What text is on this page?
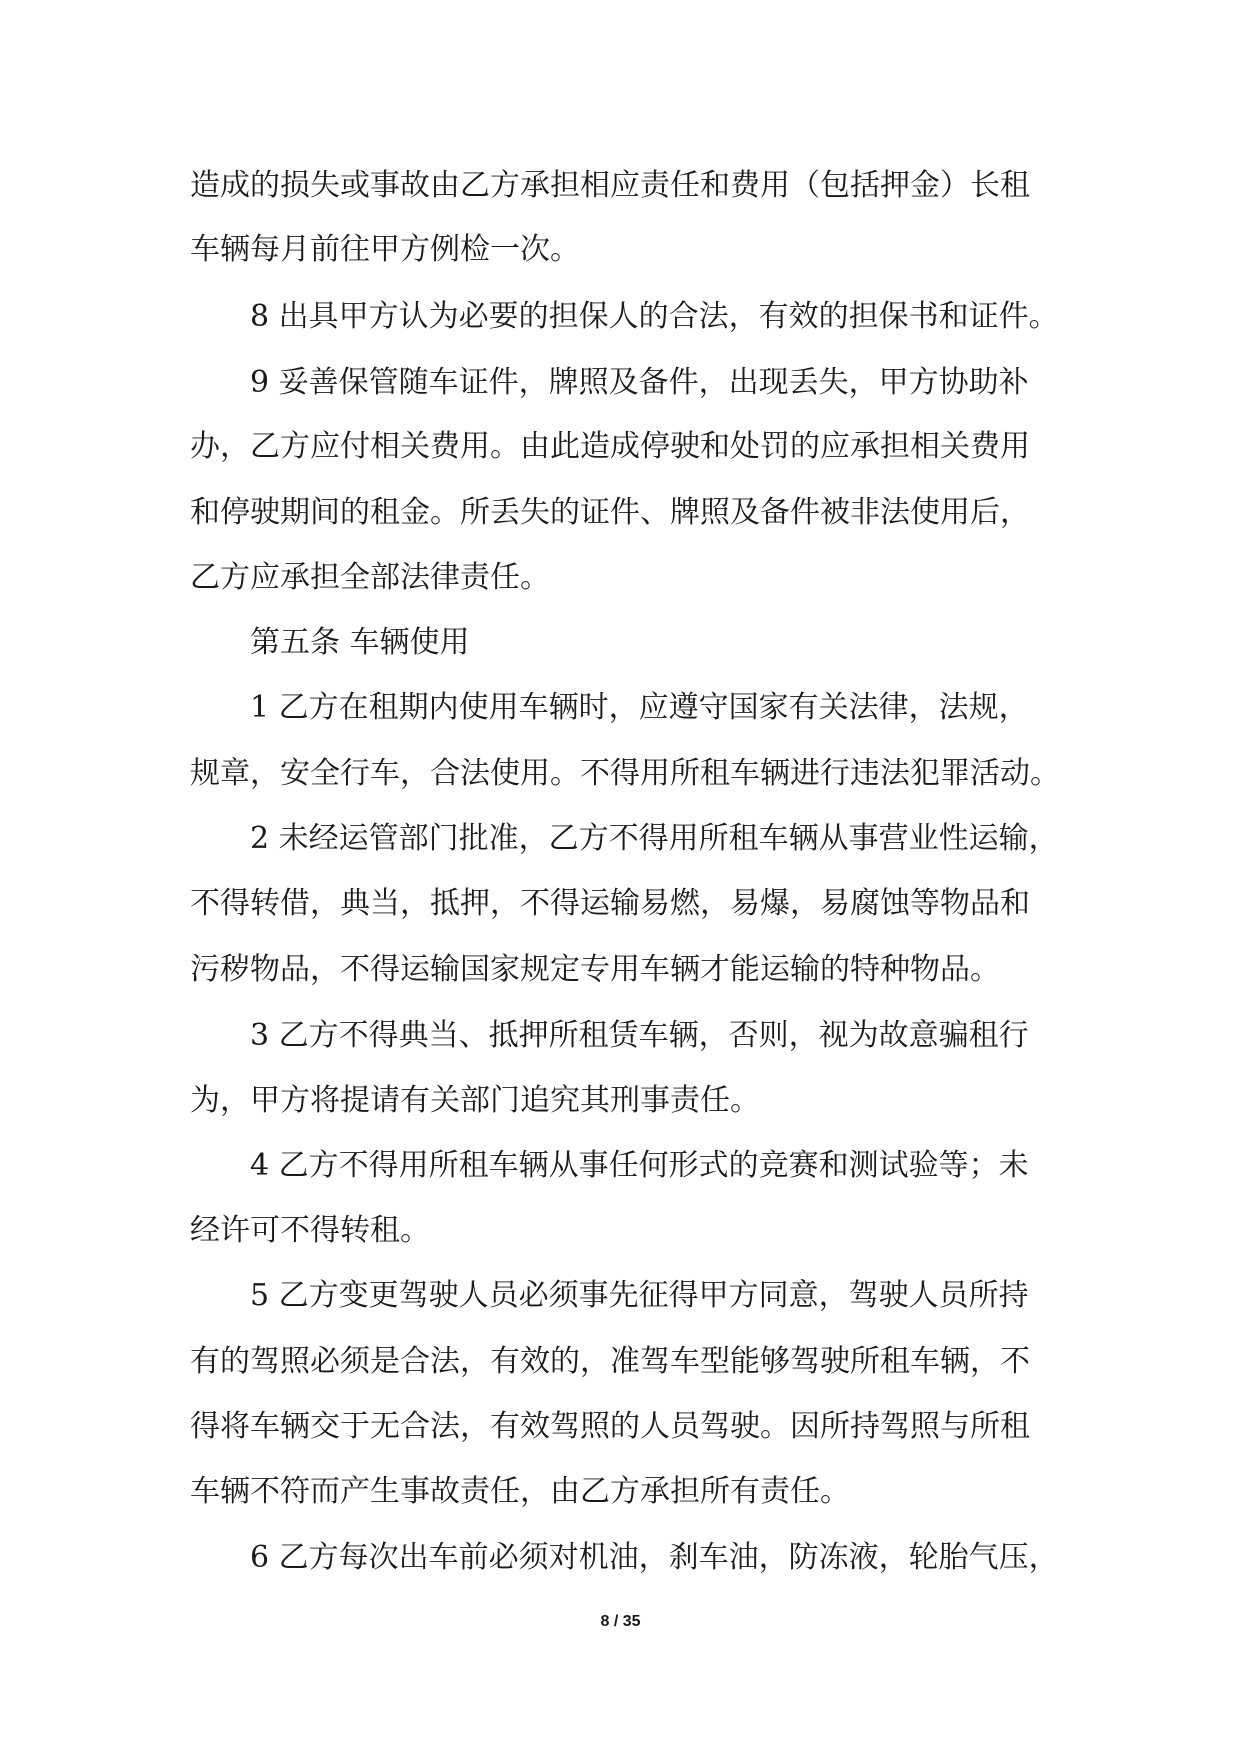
造成的损失或事故由乙方承担相应责任和费用（包括押金）长租

车辆每月前往甲方例检一次。

8 出具甲方认为必要的担保人的合法，有效的担保书和证件。

9 妥善保管随车证件，牌照及备件，出现丢失，甲方协助补

办，乙方应付相关费用。由此造成停驶和处罚的应承担相关费用

和停驶期间的租金。所丢失的证件、牌照及备件被非法使用后，

乙方应承担全部法律责任。

第五条 车辆使用

1 乙方在租期内使用车辆时，应遵守国家有关法律，法规，

规章，安全行车，合法使用。不得用所租车辆进行违法犯罪活动。

2 未经运管部门批准，乙方不得用所租车辆从事营业性运输，

不得转借，典当，抵押，不得运输易燃，易爆，易腐蚀等物品和

污秽物品，不得运输国家规定专用车辆才能运输的特种物品。

3 乙方不得典当、抵押所租赁车辆，否则，视为故意骗租行

为，甲方将提请有关部门追究其刑事责任。

4 乙方不得用所租车辆从事任何形式的竞赛和测试验等；未

经许可不得转租。

5 乙方变更驾驶人员必须事先征得甲方同意，驾驶人员所持

有的驾照必须是合法，有效的，准驾车型能够驾驶所租车辆，不

得将车辆交于无合法，有效驾照的人员驾驶。因所持驾照与所租

车辆不符而产生事故责任，由乙方承担所有责任。

6 乙方每次出车前必须对机油，刹车油，防冻液，轮胎气压，

8 / 35
